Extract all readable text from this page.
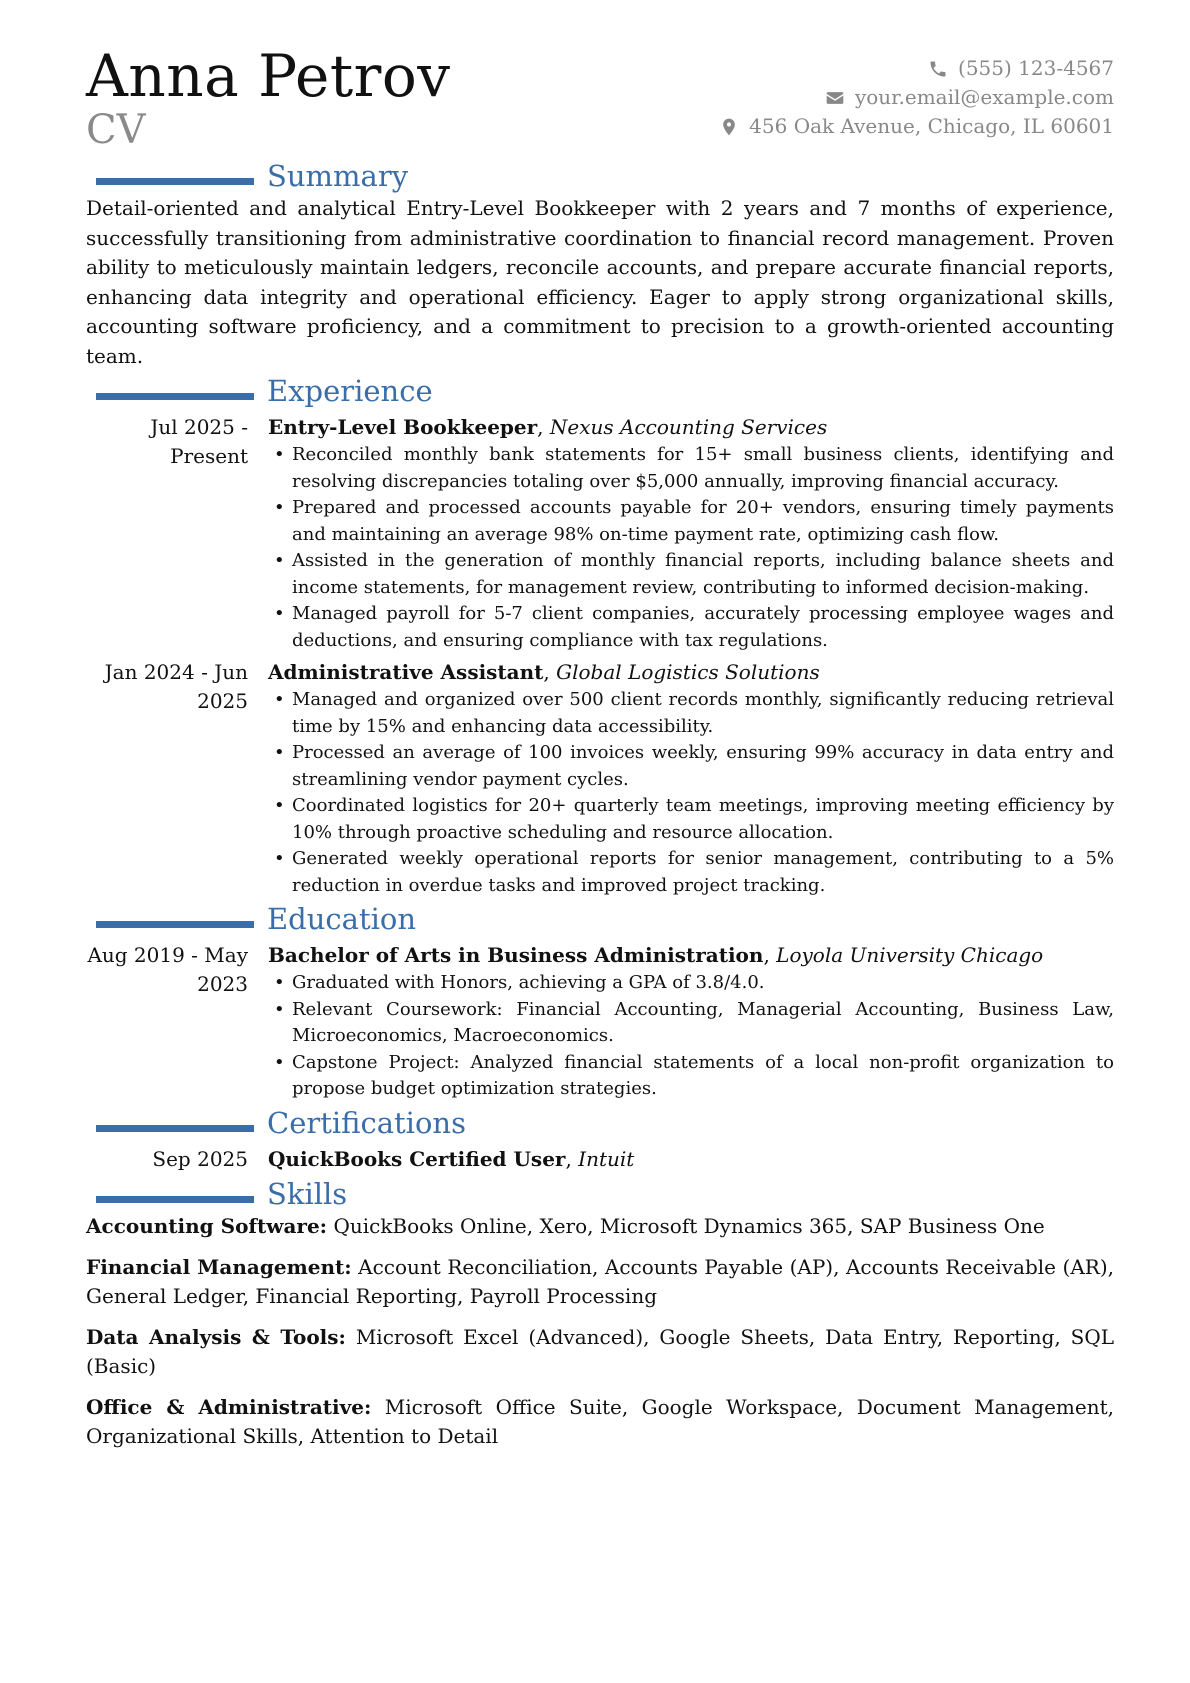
Anna Petrov
CV
(555) 123-4567
your.email@example.com
456 Oak Avenue, Chicago, IL 60601
Summary

Detail-oriented and analytical Entry-Level Bookkeeper with 2 years and 7 months of experience, successfully transitioning from administrative coordination to financial record management. Proven ability to meticulously maintain ledgers, reconcile accounts, and prepare accurate financial reports, enhancing data integrity and operational efficiency. Eager to apply strong organizational skills, accounting software proficiency, and a commitment to precision to a growth-oriented accounting team.

Experience
Jul 2025 - Present
Entry-Level Bookkeeper, Nexus Accounting Services
• Reconciled monthly bank statements for 15+ small business clients, identifying and resolving discrepancies totaling over $5,000 annually, improving financial accuracy.
• Prepared and processed accounts payable for 20+ vendors, ensuring timely payments and maintaining an average 98% on-time payment rate, optimizing cash flow.
• Assisted in the generation of monthly financial reports, including balance sheets and income statements, for management review, contributing to informed decision-making.
• Managed payroll for 5-7 client companies, accurately processing employee wages and deductions, and ensuring compliance with tax regulations.
Jan 2024 - Jun 2025
Administrative Assistant, Global Logistics Solutions
• Managed and organized over 500 client records monthly, significantly reducing retrieval time by 15% and enhancing data accessibility.
• Processed an average of 100 invoices weekly, ensuring 99% accuracy in data entry and streamlining vendor payment cycles.
• Coordinated logistics for 20+ quarterly team meetings, improving meeting efficiency by 10% through proactive scheduling and resource allocation.
• Generated weekly operational reports for senior management, contributing to a 5% reduction in overdue tasks and improved project tracking.
Education
Aug 2019 - May 2023
Bachelor of Arts in Business Administration, Loyola University Chicago
• Graduated with Honors, achieving a GPA of 3.8/4.0.
• Relevant Coursework: Financial Accounting, Managerial Accounting, Business Law, Microeconomics, Macroeconomics.
• Capstone Project: Analyzed financial statements of a local non-profit organization to propose budget optimization strategies.
Certifications
Sep 2025	QuickBooks Certified User, Intuit
Skills

Accounting Software: QuickBooks Online, Xero, Microsoft Dynamics 365, SAP Business One

Financial Management: Account Reconciliation, Accounts Payable (AP), Accounts Receivable (AR), General Ledger, Financial Reporting, Payroll Processing

Data Analysis & Tools: Microsoft Excel (Advanced), Google Sheets, Data Entry, Reporting, SQL (Basic)

Office & Administrative: Microsoft Office Suite, Google Workspace, Document Management, Organizational Skills, Attention to Detail
